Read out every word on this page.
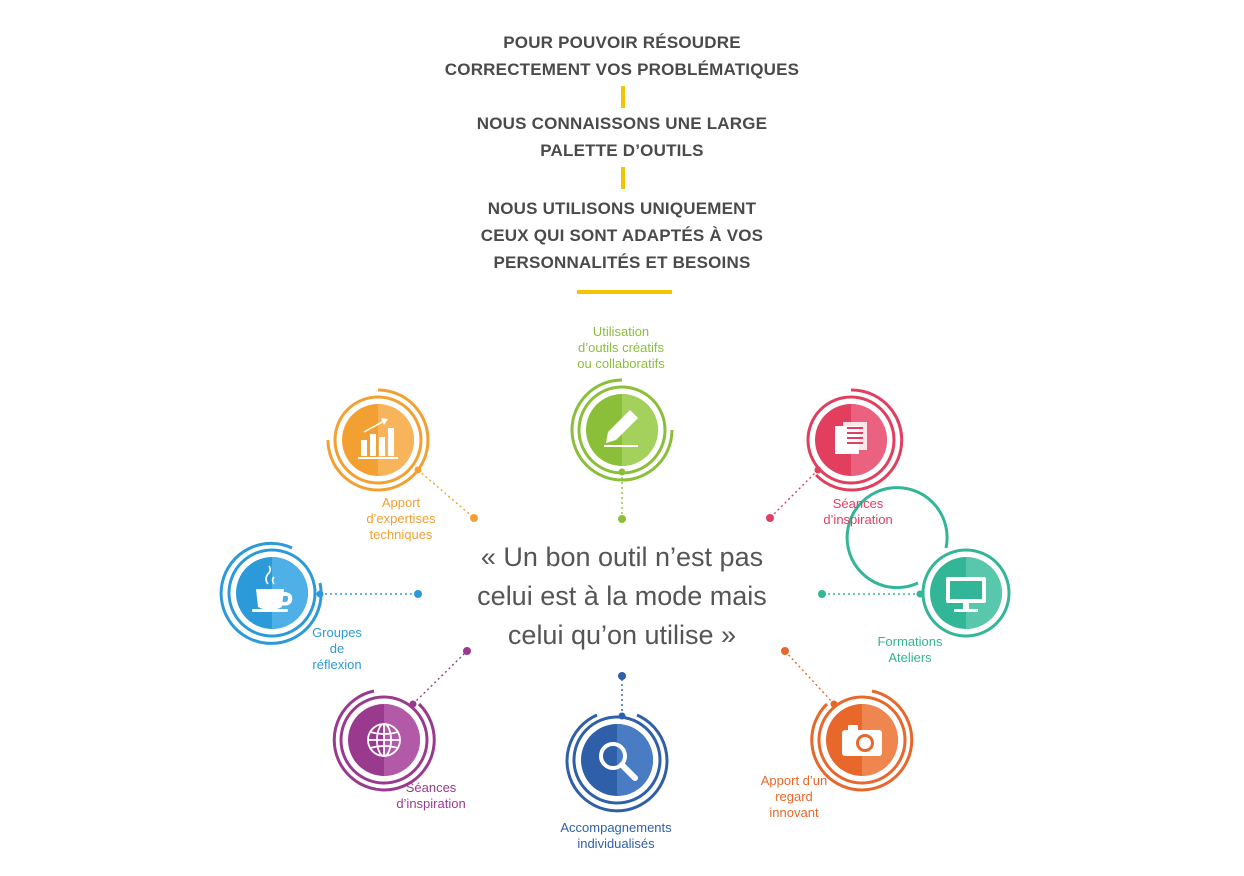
POUR POUVOIR RÉSOUDRE
CORRECTEMENT VOS PROBLÉMATIQUES
NOUS CONNAISSONS UNE LARGE
PALETTE D’OUTILS
NOUS UTILISONS UNIQUEMENT
CEUX QUI SONT ADAPTÉS À VOS
PERSONNALITÉS ET BESOINS
« Un bon outil n’est pas
celui est à la mode mais
celui qu’on utilise »
Apport
d’expertises
techniques
Utilisation
d’outils créatifs
ou collaboratifs
Séances
d’inspiration
Groupes
de
réflexion
Formations
Ateliers
Séances
d’inspiration
Accompagnements
individualisés
Apport d’un
regard
innovant
